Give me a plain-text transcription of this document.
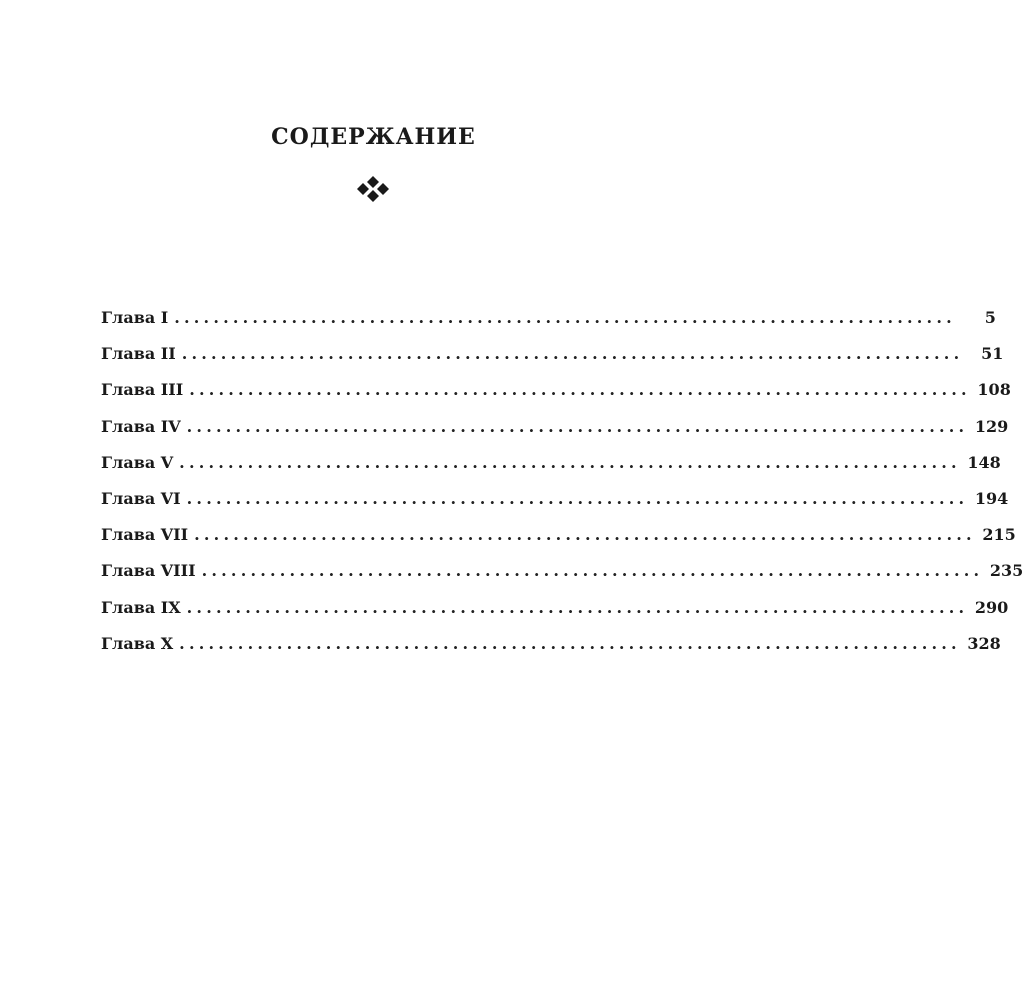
СОДЕРЖАНИЕ
Глава I ................................................................................	5
Глава II ................................................................................	51
Глава III ................................................................................ 108
Глава IV ................................................................................ 129
Глава V ................................................................................ 148
Глава VI ................................................................................ 194
Глава VII ................................................................................ 215
Глава VIII ................................................................................ 235
Глава IX ................................................................................ 290
Глава X ................................................................................ 328
